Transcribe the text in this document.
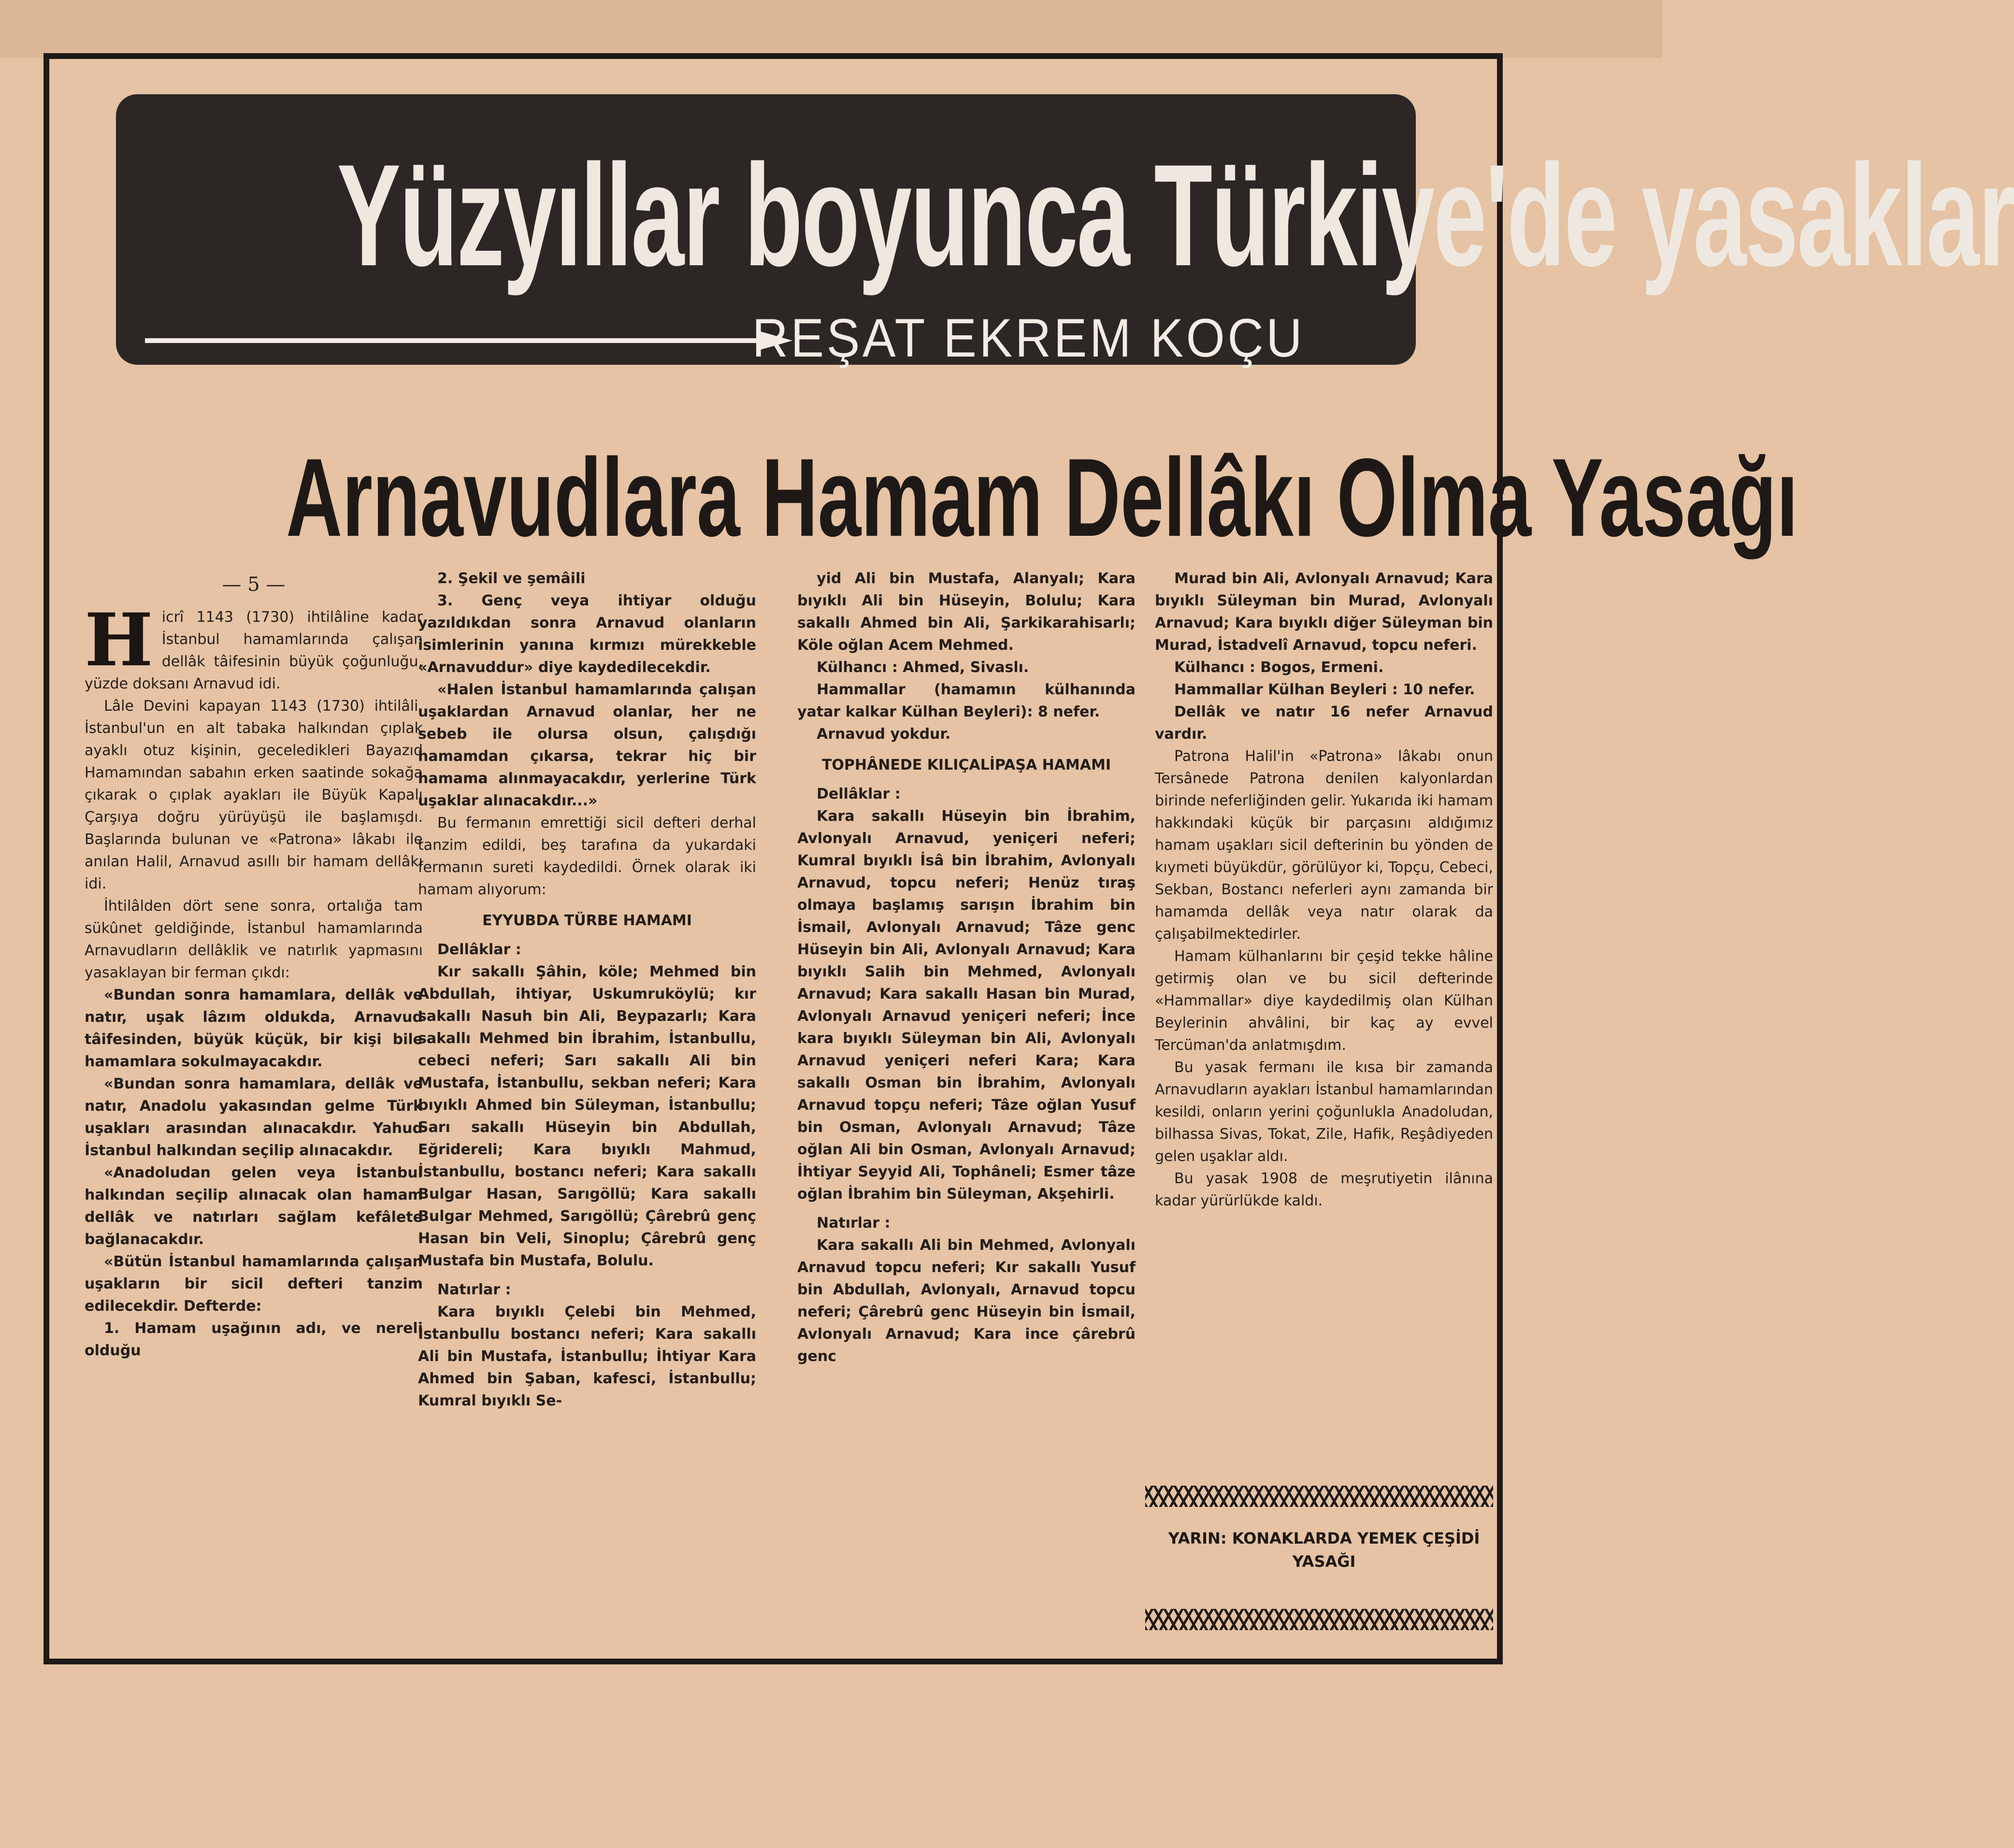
Yüzyıllar boyunca Türkiye'de yasaklar
REŞAT EKREM KOÇU
Arnavudlara Hamam Dellâkı Olma Yasağı
— 5 —

Hicrî 1143 (1730) ihtilâline kadar İstanbul hamamlarında çalışan dellâk tâifesinin büyük çoğunluğu, yüzde doksanı Arnavud idi.

Lâle Devini kapayan 1143 (1730) ihtilâli, İstanbul'un en alt tabaka halkından çıplak ayaklı otuz kişinin, geceledikleri Bayazıd Hamamından sabahın erken saatinde sokağa çıkarak o çıplak ayakları ile Büyük Kapalı Çarşıya doğru yürüyüşü ile başlamışdı. Başlarında bulunan ve «Patrona» lâkabı ile anılan Halil, Arnavud asıllı bir hamam dellâkı idi.

İhtilâlden dört sene sonra, ortalığa tam sükûnet geldiğinde, İstanbul hamamlarında Arnavudların dellâklik ve natırlık yapmasını yasaklayan bir ferman çıkdı:

«Bundan sonra hamamlara, dellâk ve natır, uşak lâzım oldukda, Arnavud tâifesinden, büyük küçük, bir kişi bile hamamlara sokulmayacakdır.

«Bundan sonra hamamlara, dellâk ve natır, Anadolu yakasından gelme Türk uşakları arasından alınacakdır. Yahud İstanbul halkından seçilip alınacakdır.

«Anadoludan gelen veya İstanbul halkından seçilip alınacak olan hamam dellâk ve natırları sağlam kefâlete bağlanacakdır.

«Bütün İstanbul hamamlarında çalışan uşakların bir sicil defteri tanzim edilecekdir. Defterde:

1. Hamam uşağının adı, ve nereli olduğu

2. Şekil ve şemâili

3. Genç veya ihtiyar olduğu yazıldıkdan sonra Arnavud olanların isimlerinin yanına kırmızı mürekkeble «Arnavuddur» diye kaydedilecekdir.

«Halen İstanbul hamamlarında çalışan uşaklardan Arnavud olanlar, her ne sebeb ile olursa olsun, çalışdığı hamamdan çıkarsa, tekrar hiç bir hamama alınmayacakdır, yerlerine Türk uşaklar alınacakdır...»

Bu fermanın emrettiği sicil defteri derhal tanzim edildi, beş tarafına da yukardaki fermanın sureti kaydedildi. Örnek olarak iki hamam alıyorum:

EYYUBDA TÜRBE HAMAMI

Dellâklar :

Kır sakallı Şâhin, köle; Mehmed bin Abdullah, ihtiyar, Uskumruköylü; kır sakallı Nasuh bin Ali, Beypazarlı; Kara sakallı Mehmed bin İbrahim, İstanbullu, cebeci neferi; Sarı sakallı Ali bin Mustafa, İstanbullu, sekban neferi; Kara bıyıklı Ahmed bin Süleyman, İstanbullu; Sarı sakallı Hüseyin bin Abdullah, Eğridereli; Kara bıyıklı Mahmud, İstanbullu, bostancı neferi; Kara sakallı Bulgar Hasan, Sarıgöllü; Kara sakallı Bulgar Mehmed, Sarıgöllü; Çârebrû genç Hasan bin Veli, Sinoplu; Çârebrû genç Mustafa bin Mustafa, Bolulu.

Natırlar :

Kara bıyıklı Çelebi bin Mehmed, İstanbullu bostancı neferi; Kara sakallı Ali bin Mustafa, İstanbullu; İhtiyar Kara Ahmed bin Şaban, kafesci, İstanbullu; Kumral bıyıklı Se-

yid Ali bin Mustafa, Alanyalı; Kara bıyıklı Ali bin Hüseyin, Bolulu; Kara sakallı Ahmed bin Ali, Şarkikarahisarlı; Köle oğlan Acem Mehmed.

Külhancı : Ahmed, Sivaslı.

Hammallar (hamamın külhanında yatar kalkar Külhan Beyleri): 8 nefer.

Arnavud yokdur.

TOPHÂNEDE KILIÇALİPAŞA HAMAMI

Dellâklar :

Kara sakallı Hüseyin bin İbrahim, Avlonyalı Arnavud, yeniçeri neferi; Kumral bıyıklı İsâ bin İbrahim, Avlonyalı Arnavud, topcu neferi; Henüz tıraş olmaya başlamış sarışın İbrahim bin İsmail, Avlonyalı Arnavud; Tâze genc Hüseyin bin Ali, Avlonyalı Arnavud; Kara bıyıklı Salih bin Mehmed, Avlonyalı Arnavud; Kara sakallı Hasan bin Murad, Avlonyalı Arnavud yeniçeri neferi; İnce kara bıyıklı Süleyman bin Ali, Avlonyalı Arnavud yeniçeri neferi Kara; Kara sakallı Osman bin İbrahim, Avlonyalı Arnavud topçu neferi; Tâze oğlan Yusuf bin Osman, Avlonyalı Arnavud; Tâze oğlan Ali bin Osman, Avlonyalı Arnavud; İhtiyar Seyyid Ali, Tophâneli; Esmer tâze oğlan İbrahim bin Süleyman, Akşehirli.

Natırlar :

Kara sakallı Ali bin Mehmed, Avlonyalı Arnavud topcu neferi; Kır sakallı Yusuf bin Abdullah, Avlonyalı, Arnavud topcu neferi; Çârebrû genc Hüseyin bin İsmail, Avlonyalı Arnavud; Kara ince çârebrû genc

Murad bin Ali, Avlonyalı Arnavud; Kara bıyıklı Süleyman bin Murad, Avlonyalı Arnavud; Kara bıyıklı diğer Süleyman bin Murad, İstadvelî Arnavud, topcu neferi.

Külhancı : Bogos, Ermeni.

Hammallar Külhan Beyleri : 10 nefer.

Dellâk ve natır 16 nefer Arnavud vardır.

Patrona Halil'in «Patrona» lâkabı onun Tersânede Patrona denilen kalyonlardan birinde neferliğinden gelir. Yukarıda iki hamam hakkındaki küçük bir parçasını aldığımız hamam uşakları sicil defterinin bu yönden de kıymeti büyükdür, görülüyor ki, Topçu, Cebeci, Sekban, Bostancı neferleri aynı zamanda bir hamamda dellâk veya natır olarak da çalışabilmektedirler.

Hamam külhanlarını bir çeşid tekke hâline getirmiş olan ve bu sicil defterinde «Hammallar» diye kaydedilmiş olan Külhan Beylerinin ahvâlini, bir kaç ay evvel Tercüman'da anlatmışdım.

Bu yasak fermanı ile kısa bir zamanda Arnavudların ayakları İstanbul hamamlarından kesildi, onların yerini çoğunlukla Anadoludan, bilhassa Sivas, Tokat, Zile, Hafik, Reşâdiyeden gelen uşaklar aldı.

Bu yasak 1908 de meşrutiyetin ilânına kadar yürürlükde kaldı.

YARIN: KONAKLARDA YEMEK ÇEŞİDİ YASAĞI
